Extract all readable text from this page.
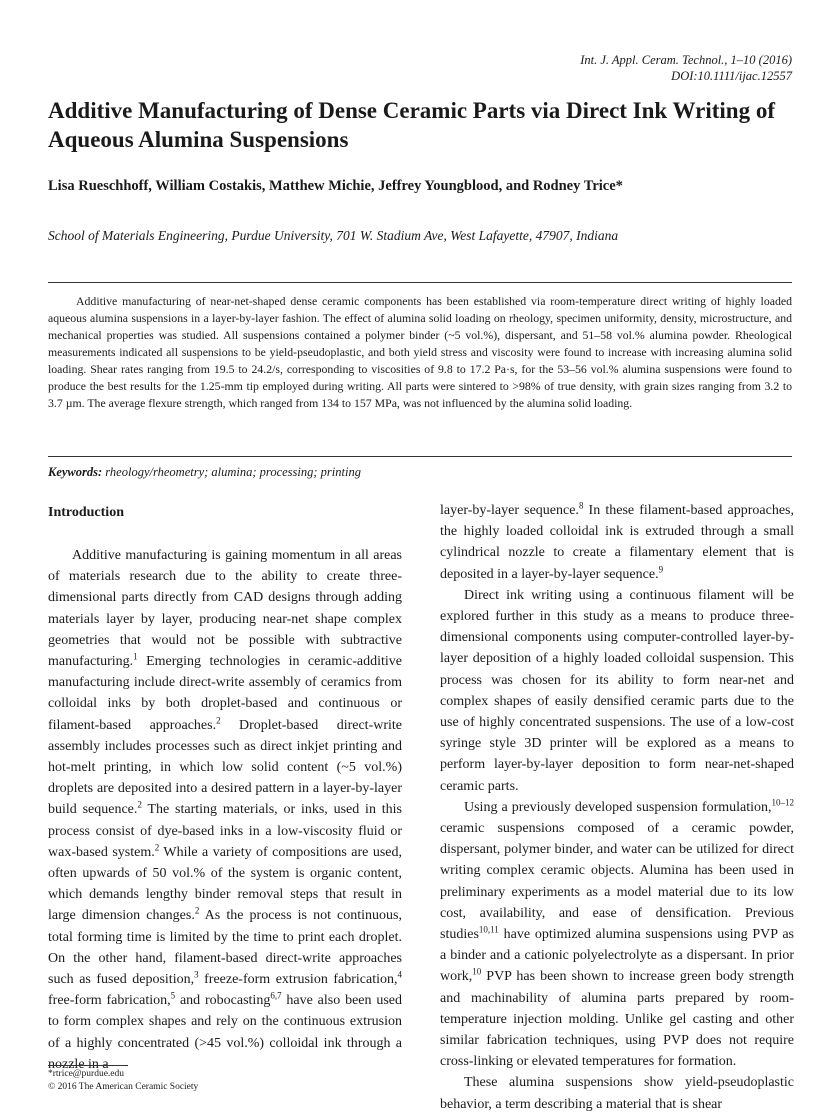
Int. J. Appl. Ceram. Technol., 1–10 (2016)
DOI:10.1111/ijac.12557
Additive Manufacturing of Dense Ceramic Parts via Direct Ink Writing of Aqueous Alumina Suspensions

Lisa Rueschhoff, William Costakis, Matthew Michie, Jeffrey Youngblood, and Rodney Trice*

School of Materials Engineering, Purdue University, 701 W. Stadium Ave, West Lafayette, 47907, Indiana

Additive manufacturing of near-net-shaped dense ceramic components has been established via room-temperature direct writing of highly loaded aqueous alumina suspensions in a layer-by-layer fashion. The effect of alumina solid loading on rheology, specimen uniformity, density, microstructure, and mechanical properties was studied. All suspensions contained a polymer binder (~5 vol.%), dispersant, and 51–58 vol.% alumina powder. Rheological measurements indicated all suspensions to be yield-pseudoplastic, and both yield stress and viscosity were found to increase with increasing alumina solid loading. Shear rates ranging from 19.5 to 24.2/s, corresponding to viscosities of 9.8 to 17.2 Pa·s, for the 53–56 vol.% alumina suspensions were found to produce the best results for the 1.25-mm tip employed during writing. All parts were sintered to >98% of true density, with grain sizes ranging from 3.2 to 3.7 µm. The average flexure strength, which ranged from 134 to 157 MPa, was not influenced by the alumina solid loading.

Keywords: rheology/rheometry; alumina; processing; printing
Introduction

Additive manufacturing is gaining momentum in all areas of materials research due to the ability to create three-dimensional parts directly from CAD designs through adding materials layer by layer, producing near-net shape complex geometries that would not be possible with subtractive manufacturing.$^1$ Emerging technologies in ceramic-additive manufacturing include direct-write assembly of ceramics from colloidal inks by both droplet-based and continuous or filament-based approaches.$^2$ Droplet-based direct-write assembly includes processes such as direct inkjet printing and hot-melt printing, in which low solid content (~5 vol.%) droplets are deposited into a desired pattern in a layer-by-layer build sequence.$^2$ The starting materials, or inks, used in this process consist of dye-based inks in a low-viscosity fluid or wax-based system.$^2$ While a variety of compositions are used, often upwards of 50 vol.% of the system is organic content, which demands lengthy binder removal steps that result in large dimension changes.$^2$ As the process is not continuous, total forming time is limited by the time to print each droplet. On the other hand, filament-based direct-write approaches such as fused deposition,$^3$ freeze-form extrusion fabrication,$^4$ free-form fabrication,$^5$ and robocasting$^{6,7}$ have also been used to form complex shapes and rely on the continuous extrusion of a highly concentrated (>45 vol.%) colloidal ink through a nozzle in a

layer-by-layer sequence.$^8$ In these filament-based approaches, the highly loaded colloidal ink is extruded through a small cylindrical nozzle to create a filamentary element that is deposited in a layer-by-layer sequence.$^9$

Direct ink writing using a continuous filament will be explored further in this study as a means to produce three-dimensional components using computer-controlled layer-by-layer deposition of a highly loaded colloidal suspension. This process was chosen for its ability to form near-net and complex shapes of easily densified ceramic parts due to the use of highly concentrated suspensions. The use of a low-cost syringe style 3D printer will be explored as a means to perform layer-by-layer deposition to form near-net-shaped ceramic parts.

Using a previously developed suspension formulation,$^{10-12}$ ceramic suspensions composed of a ceramic powder, dispersant, polymer binder, and water can be utilized for direct writing complex ceramic objects. Alumina has been used in preliminary experiments as a model material due to its low cost, availability, and ease of densification. Previous studies$^{10,11}$ have optimized alumina suspensions using PVP as a binder and a cationic polyelectrolyte as a dispersant. In prior work,$^{10}$ PVP has been shown to increase green body strength and machinability of alumina parts prepared by room-temperature injection molding. Unlike gel casting and other similar fabrication techniques, using PVP does not require cross-linking or elevated temperatures for formation.

These alumina suspensions show yield-pseudoplastic behavior, a term describing a material that is shear

*rtrice@purdue.edu
© 2016 The American Ceramic Society
